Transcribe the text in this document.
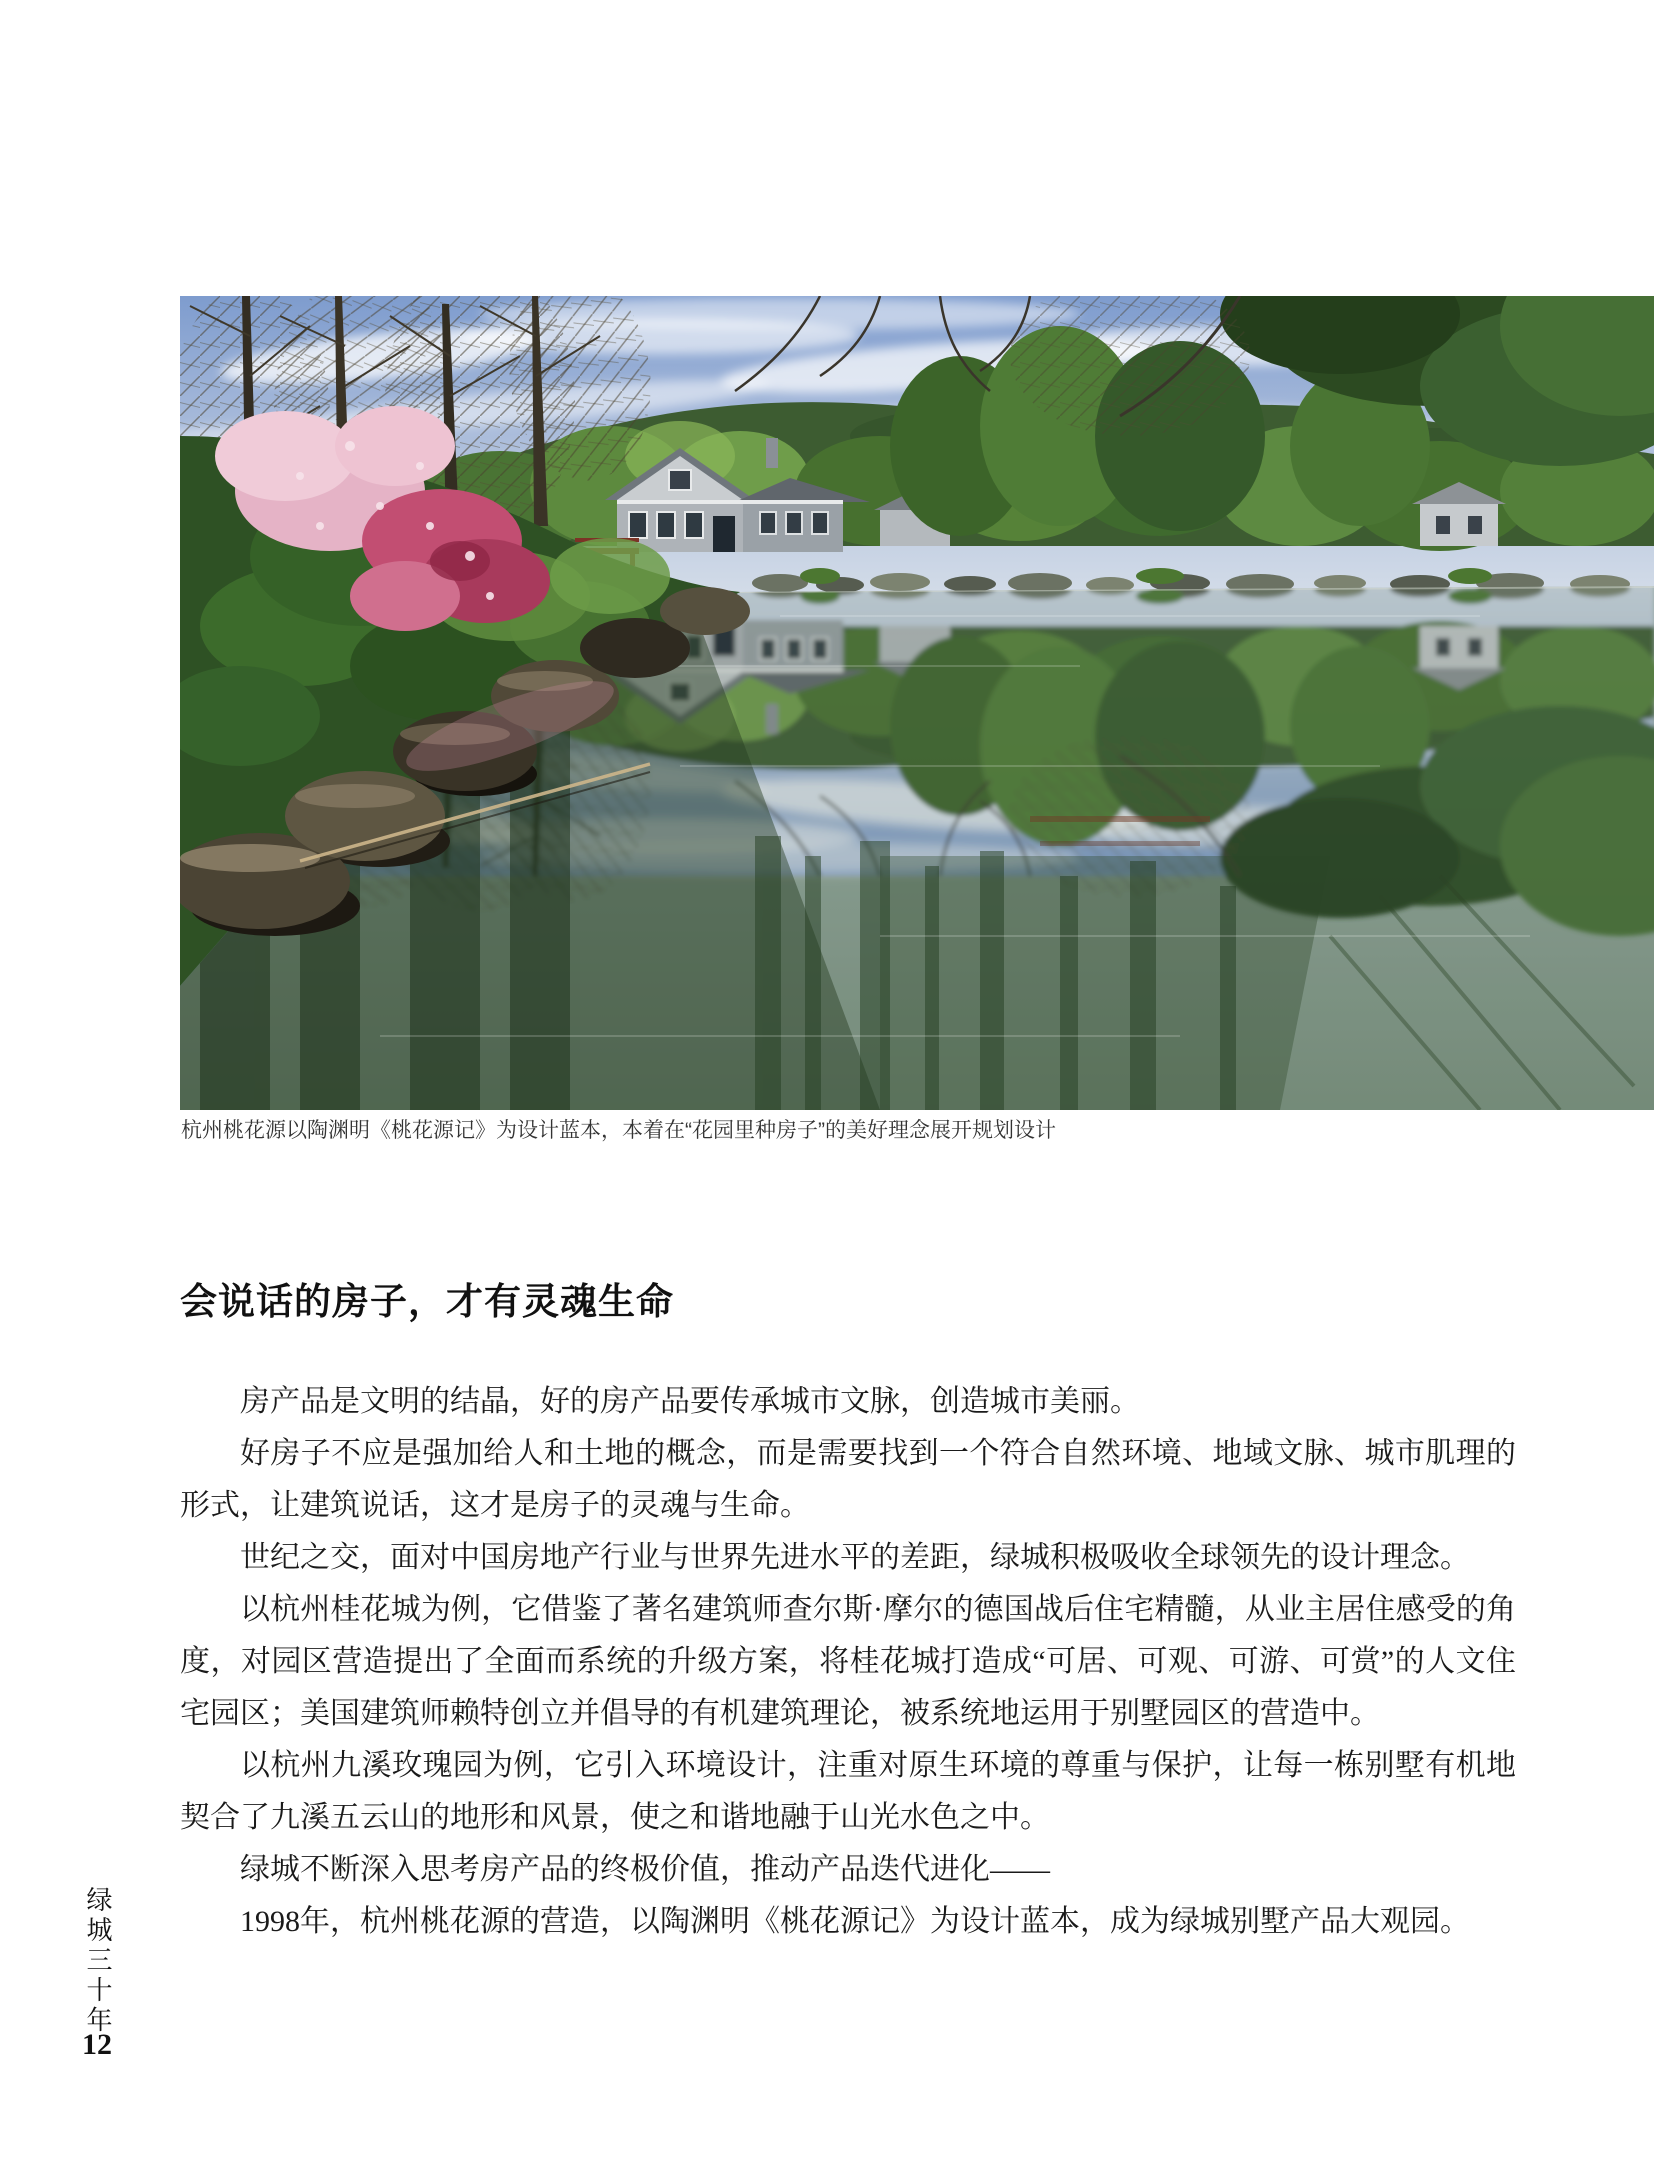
杭州桃花源以陶渊明《桃花源记》为设计蓝本，本着在“花园里种房子”的美好理念展开规划设计
会说话的房子，才有灵魂生命

房产品是文明的结晶，好的房产品要传承城市文脉，创造城市美丽。

好房子不应是强加给人和土地的概念，而是需要找到一个符合自然环境、地域文脉、城市肌理的形式，让建筑说话，这才是房子的灵魂与生命。

世纪之交，面对中国房地产行业与世界先进水平的差距，绿城积极吸收全球领先的设计理念。

以杭州桂花城为例，它借鉴了著名建筑师查尔斯·摩尔的德国战后住宅精髓，从业主居住感受的角度，对园区营造提出了全面而系统的升级方案，将桂花城打造成“可居、可观、可游、可赏”的人文住宅园区；美国建筑师赖特创立并倡导的有机建筑理论，被系统地运用于别墅园区的营造中。

以杭州九溪玫瑰园为例，它引入环境设计，注重对原生环境的尊重与保护，让每一栋别墅有机地契合了九溪五云山的地形和风景，使之和谐地融于山光水色之中。

绿城不断深入思考房产品的终极价值，推动产品迭代进化——

1998年，杭州桃花源的营造，以陶渊明《桃花源记》为设计蓝本，成为绿城别墅产品大观园。

绿城三十年
12
